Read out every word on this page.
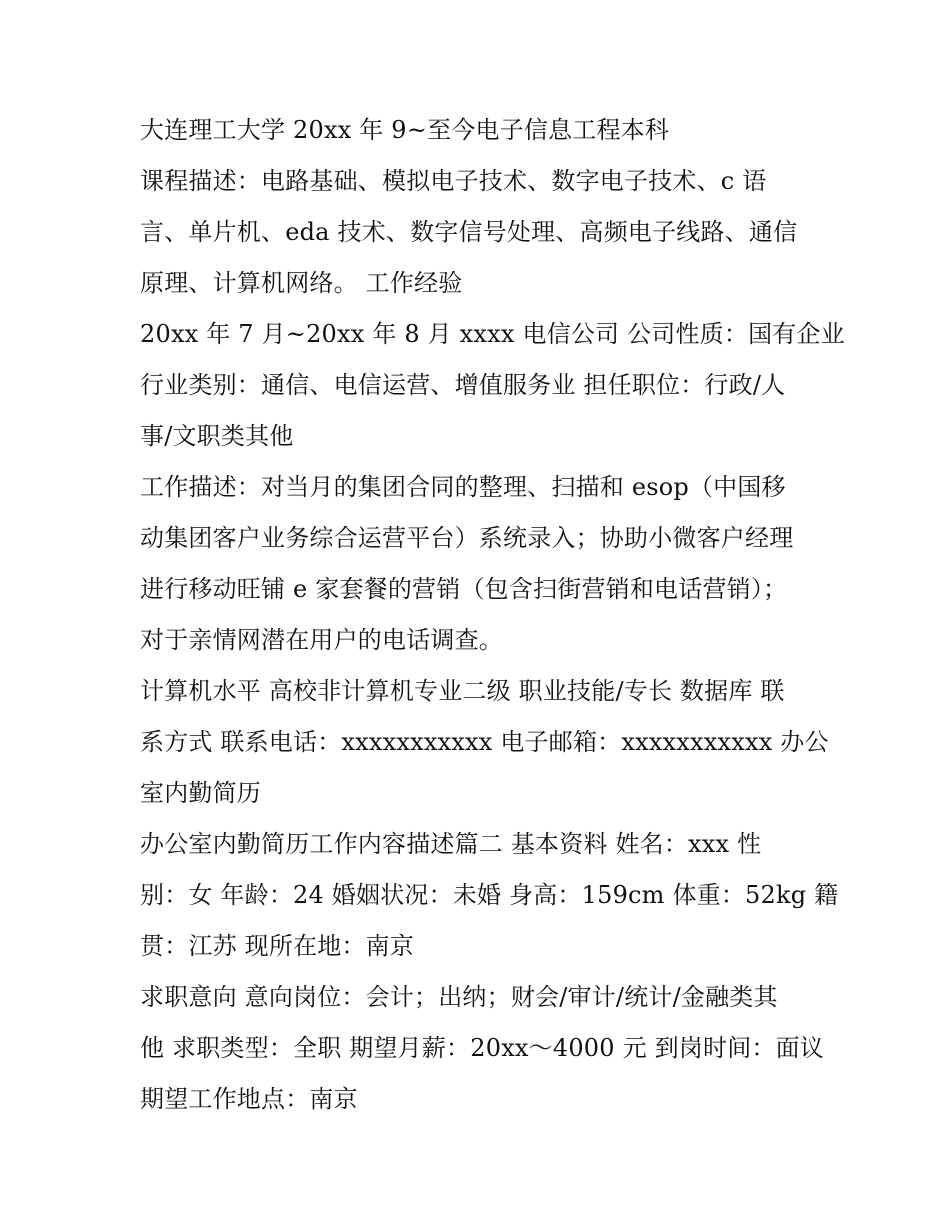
大连理工大学 20xx 年 9~至今电子信息工程本科
课程描述：电路基础、模拟电子技术、数字电子技术、c 语
言、单片机、eda 技术、数字信号处理、高频电子线路、通信
原理、计算机网络。 工作经验
20xx 年 7 月~20xx 年 8 月 xxxx 电信公司 公司性质：国有企业
行业类别：通信、电信运营、增值服务业 担任职位：行政/人
事/文职类其他
工作描述：对当月的集团合同的整理、扫描和 esop（中国移
动集团客户业务综合运营平台）系统录入；协助小微客户经理
进行移动旺铺 e 家套餐的营销（包含扫街营销和电话营销）；
对于亲情网潜在用户的电话调查。
计算机水平 高校非计算机专业二级 职业技能/专长 数据库 联
系方式 联系电话：xxxxxxxxxxx 电子邮箱：xxxxxxxxxxx 办公
室内勤简历
办公室内勤简历工作内容描述篇二 基本资料 姓名：xxx 性
别：女 年龄：24 婚姻状况：未婚 身高：159cm 体重：52kg 籍
贯：江苏 现所在地：南京
求职意向 意向岗位：会计；出纳；财会/审计/统计/金融类其
他 求职类型：全职 期望月薪：20xx～4000 元 到岗时间：面议
期望工作地点：南京
